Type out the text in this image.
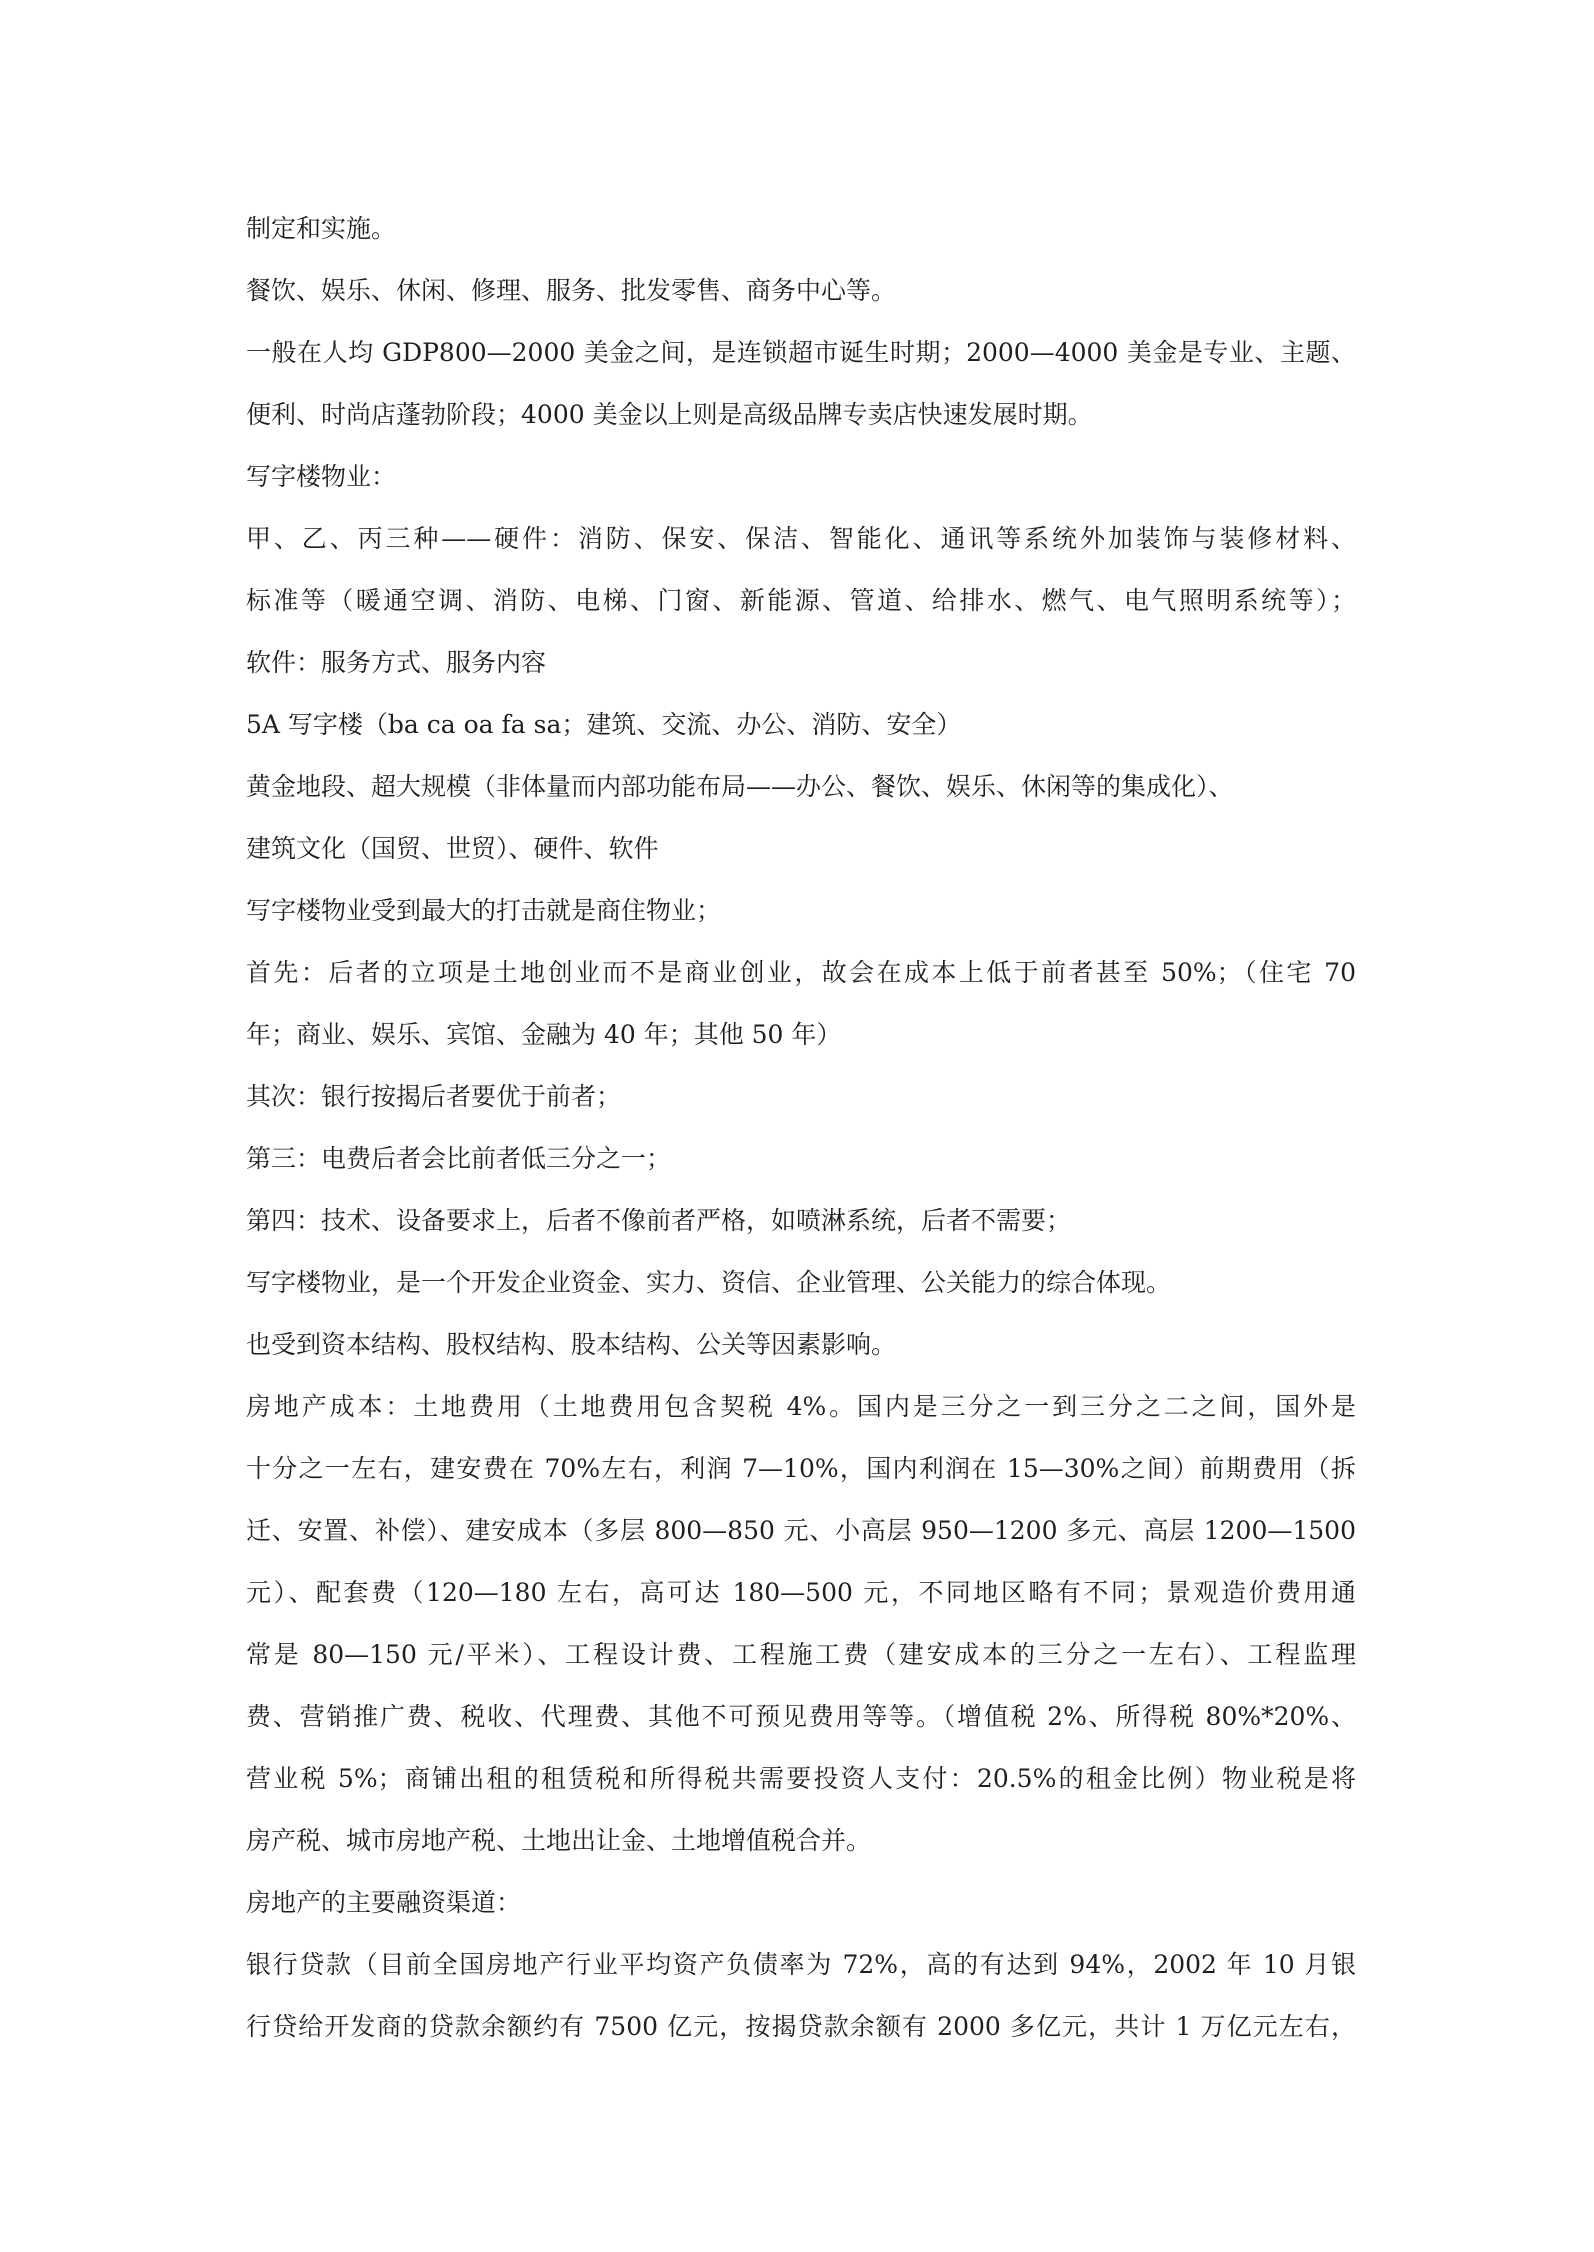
制定和实施。

餐饮、娱乐、休闲、修理、服务、批发零售、商务中心等。

一般在人均 GDP800—2000 美金之间，是连锁超市诞生时期；2000—4000 美金是专业、主题、

便利、时尚店蓬勃阶段；4000 美金以上则是高级品牌专卖店快速发展时期。

写字楼物业：

甲、乙、丙三种——硬件：消防、保安、保洁、智能化、通讯等系统外加装饰与装修材料、

标准等（暖通空调、消防、电梯、门窗、新能源、管道、给排水、燃气、电气照明系统等）；

软件：服务方式、服务内容

5A 写字楼（ba ca oa fa sa；建筑、交流、办公、消防、安全）

黄金地段、超大规模（非体量而内部功能布局——办公、餐饮、娱乐、休闲等的集成化）、

建筑文化（国贸、世贸）、硬件、软件

写字楼物业受到最大的打击就是商住物业；

首先：后者的立项是土地创业而不是商业创业，故会在成本上低于前者甚至 50%；（住宅 70

年；商业、娱乐、宾馆、金融为 40 年；其他 50 年）

其次：银行按揭后者要优于前者；

第三：电费后者会比前者低三分之一；

第四：技术、设备要求上，后者不像前者严格，如喷淋系统，后者不需要；

写字楼物业，是一个开发企业资金、实力、资信、企业管理、公关能力的综合体现。

也受到资本结构、股权结构、股本结构、公关等因素影响。

房地产成本：土地费用（土地费用包含契税 4%。国内是三分之一到三分之二之间，国外是

十分之一左右，建安费在 70%左右，利润 7—10%，国内利润在 15—30%之间）前期费用（拆

迁、安置、补偿）、建安成本（多层 800—850 元、小高层 950—1200 多元、高层 1200—1500

元）、配套费（120—180 左右，高可达 180—500 元，不同地区略有不同；景观造价费用通

常是 80—150 元/平米）、工程设计费、工程施工费（建安成本的三分之一左右）、工程监理

费、营销推广费、税收、代理费、其他不可预见费用等等。（增值税 2%、所得税 80%*20%、

营业税 5%；商铺出租的租赁税和所得税共需要投资人支付：20.5%的租金比例）物业税是将

房产税、城市房地产税、土地出让金、土地增值税合并。

房地产的主要融资渠道：

银行贷款（目前全国房地产行业平均资产负债率为 72%，高的有达到 94%，2002 年 10 月银

行贷给开发商的贷款余额约有 7500 亿元，按揭贷款余额有 2000 多亿元，共计 1 万亿元左右，
